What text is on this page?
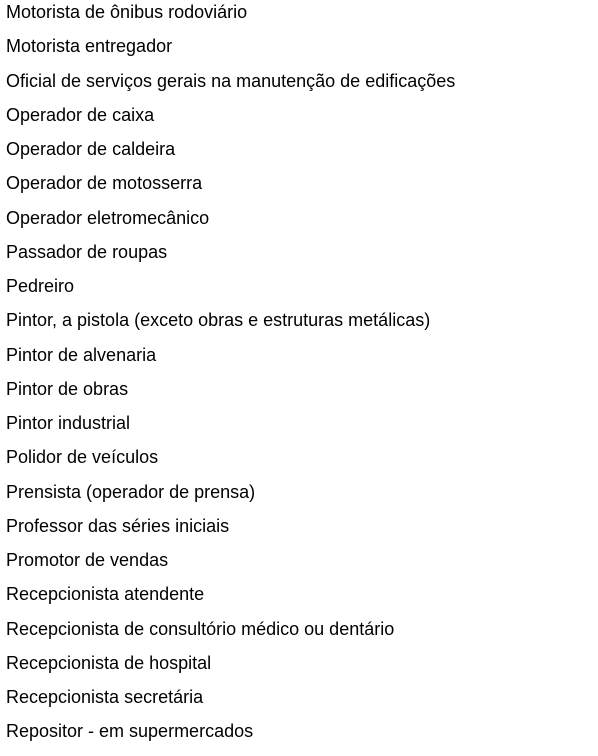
Motorista de ônibus rodoviário
Motorista entregador
Oficial de serviços gerais na manutenção de edificações
Operador de caixa
Operador de caldeira
Operador de motosserra
Operador eletromecânico
Passador de roupas
Pedreiro
Pintor, a pistola (exceto obras e estruturas metálicas)
Pintor de alvenaria
Pintor de obras
Pintor industrial
Polidor de veículos
Prensista (operador de prensa)
Professor das séries iniciais
Promotor de vendas
Recepcionista atendente
Recepcionista de consultório médico ou dentário
Recepcionista de hospital
Recepcionista secretária
Repositor - em supermercados
